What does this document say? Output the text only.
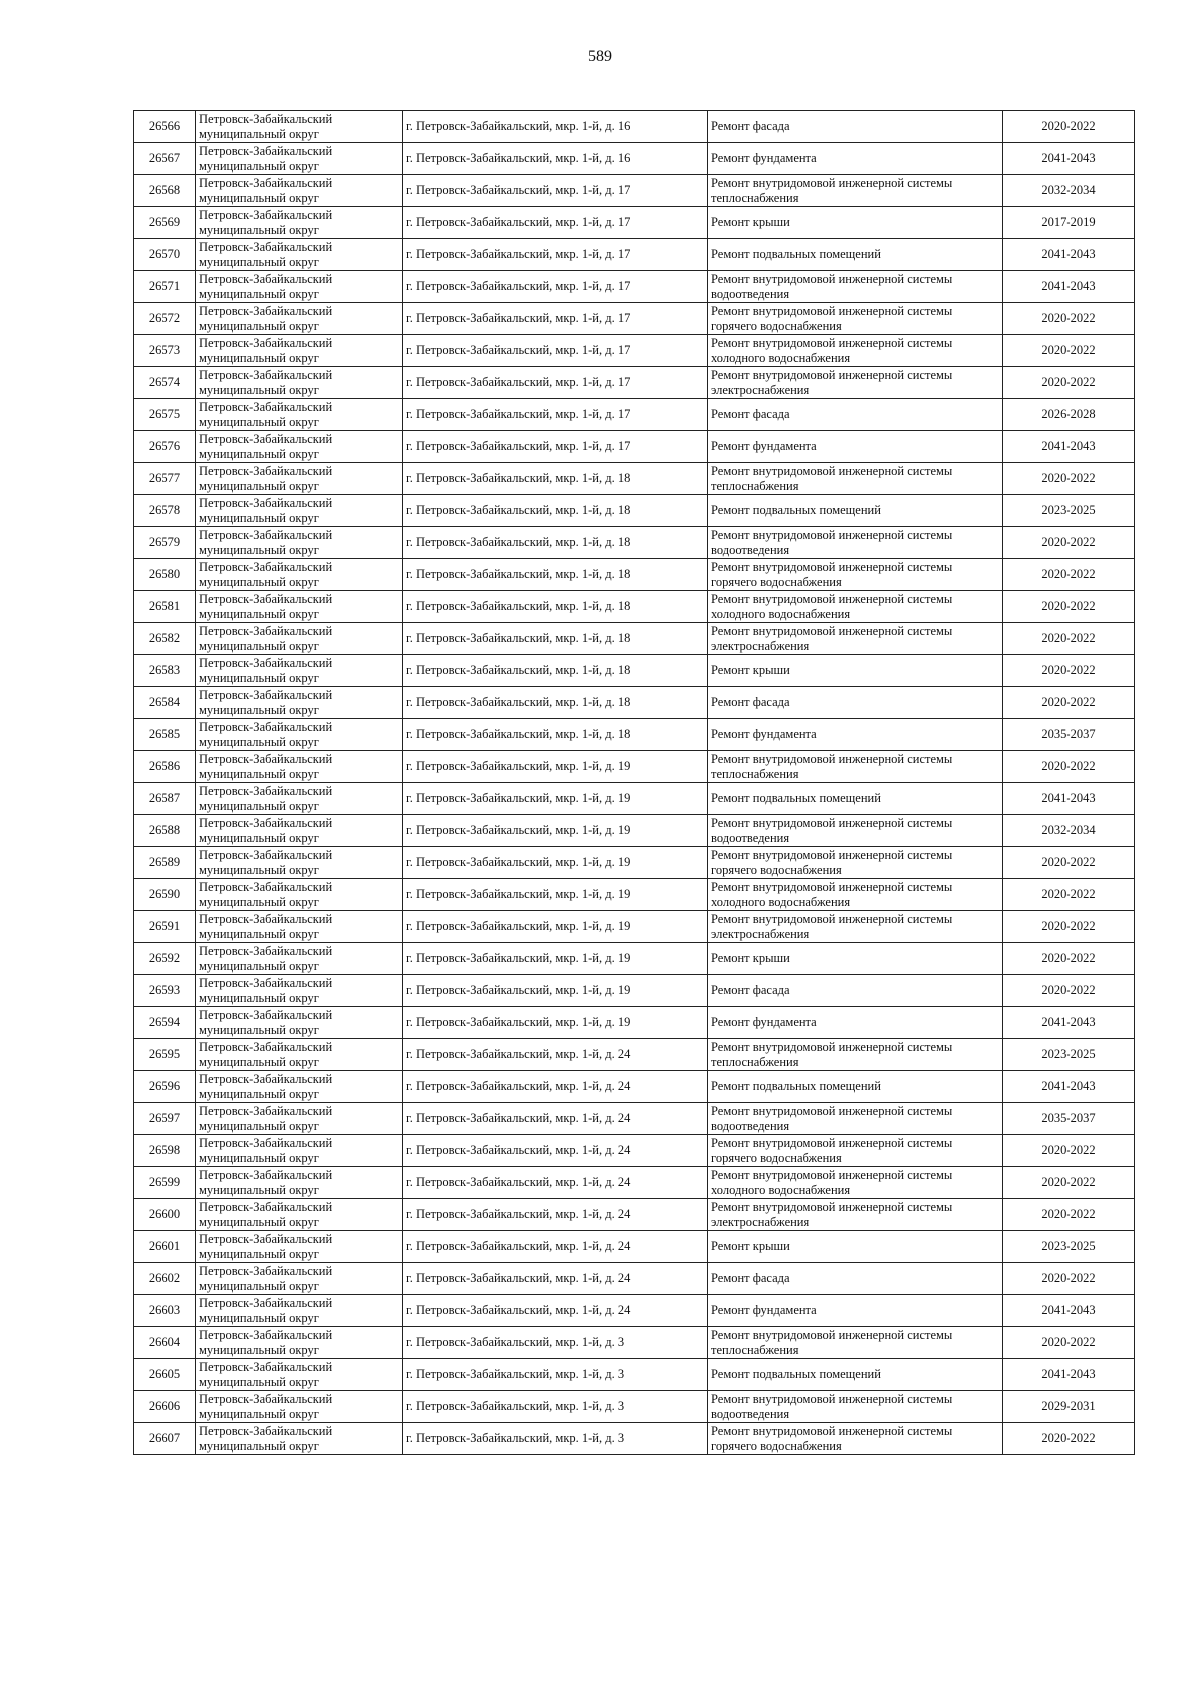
589
26566	Петровск-Забайкальский муниципальный округ	г. Петровск-Забайкальский, мкр. 1-й, д. 16	Ремонт фасада	2020-2022
26567	Петровск-Забайкальский муниципальный округ	г. Петровск-Забайкальский, мкр. 1-й, д. 16	Ремонт фундамента	2041-2043
26568	Петровск-Забайкальский муниципальный округ	г. Петровск-Забайкальский, мкр. 1-й, д. 17	Ремонт внутридомовой инженерной системы теплоснабжения	2032-2034
26569	Петровск-Забайкальский муниципальный округ	г. Петровск-Забайкальский, мкр. 1-й, д. 17	Ремонт крыши	2017-2019
26570	Петровск-Забайкальский муниципальный округ	г. Петровск-Забайкальский, мкр. 1-й, д. 17	Ремонт подвальных помещений	2041-2043
26571	Петровск-Забайкальский муниципальный округ	г. Петровск-Забайкальский, мкр. 1-й, д. 17	Ремонт внутридомовой инженерной системы водоотведения	2041-2043
26572	Петровск-Забайкальский муниципальный округ	г. Петровск-Забайкальский, мкр. 1-й, д. 17	Ремонт внутридомовой инженерной системы горячего водоснабжения	2020-2022
26573	Петровск-Забайкальский муниципальный округ	г. Петровск-Забайкальский, мкр. 1-й, д. 17	Ремонт внутридомовой инженерной системы холодного водоснабжения	2020-2022
26574	Петровск-Забайкальский муниципальный округ	г. Петровск-Забайкальский, мкр. 1-й, д. 17	Ремонт внутридомовой инженерной системы электроснабжения	2020-2022
26575	Петровск-Забайкальский муниципальный округ	г. Петровск-Забайкальский, мкр. 1-й, д. 17	Ремонт фасада	2026-2028
26576	Петровск-Забайкальский муниципальный округ	г. Петровск-Забайкальский, мкр. 1-й, д. 17	Ремонт фундамента	2041-2043
26577	Петровск-Забайкальский муниципальный округ	г. Петровск-Забайкальский, мкр. 1-й, д. 18	Ремонт внутридомовой инженерной системы теплоснабжения	2020-2022
26578	Петровск-Забайкальский муниципальный округ	г. Петровск-Забайкальский, мкр. 1-й, д. 18	Ремонт подвальных помещений	2023-2025
26579	Петровск-Забайкальский муниципальный округ	г. Петровск-Забайкальский, мкр. 1-й, д. 18	Ремонт внутридомовой инженерной системы водоотведения	2020-2022
26580	Петровск-Забайкальский муниципальный округ	г. Петровск-Забайкальский, мкр. 1-й, д. 18	Ремонт внутридомовой инженерной системы горячего водоснабжения	2020-2022
26581	Петровск-Забайкальский муниципальный округ	г. Петровск-Забайкальский, мкр. 1-й, д. 18	Ремонт внутридомовой инженерной системы холодного водоснабжения	2020-2022
26582	Петровск-Забайкальский муниципальный округ	г. Петровск-Забайкальский, мкр. 1-й, д. 18	Ремонт внутридомовой инженерной системы электроснабжения	2020-2022
26583	Петровск-Забайкальский муниципальный округ	г. Петровск-Забайкальский, мкр. 1-й, д. 18	Ремонт крыши	2020-2022
26584	Петровск-Забайкальский муниципальный округ	г. Петровск-Забайкальский, мкр. 1-й, д. 18	Ремонт фасада	2020-2022
26585	Петровск-Забайкальский муниципальный округ	г. Петровск-Забайкальский, мкр. 1-й, д. 18	Ремонт фундамента	2035-2037
26586	Петровск-Забайкальский муниципальный округ	г. Петровск-Забайкальский, мкр. 1-й, д. 19	Ремонт внутридомовой инженерной системы теплоснабжения	2020-2022
26587	Петровск-Забайкальский муниципальный округ	г. Петровск-Забайкальский, мкр. 1-й, д. 19	Ремонт подвальных помещений	2041-2043
26588	Петровск-Забайкальский муниципальный округ	г. Петровск-Забайкальский, мкр. 1-й, д. 19	Ремонт внутридомовой инженерной системы водоотведения	2032-2034
26589	Петровск-Забайкальский муниципальный округ	г. Петровск-Забайкальский, мкр. 1-й, д. 19	Ремонт внутридомовой инженерной системы горячего водоснабжения	2020-2022
26590	Петровск-Забайкальский муниципальный округ	г. Петровск-Забайкальский, мкр. 1-й, д. 19	Ремонт внутридомовой инженерной системы холодного водоснабжения	2020-2022
26591	Петровск-Забайкальский муниципальный округ	г. Петровск-Забайкальский, мкр. 1-й, д. 19	Ремонт внутридомовой инженерной системы электроснабжения	2020-2022
26592	Петровск-Забайкальский муниципальный округ	г. Петровск-Забайкальский, мкр. 1-й, д. 19	Ремонт крыши	2020-2022
26593	Петровск-Забайкальский муниципальный округ	г. Петровск-Забайкальский, мкр. 1-й, д. 19	Ремонт фасада	2020-2022
26594	Петровск-Забайкальский муниципальный округ	г. Петровск-Забайкальский, мкр. 1-й, д. 19	Ремонт фундамента	2041-2043
26595	Петровск-Забайкальский муниципальный округ	г. Петровск-Забайкальский, мкр. 1-й, д. 24	Ремонт внутридомовой инженерной системы теплоснабжения	2023-2025
26596	Петровск-Забайкальский муниципальный округ	г. Петровск-Забайкальский, мкр. 1-й, д. 24	Ремонт подвальных помещений	2041-2043
26597	Петровск-Забайкальский муниципальный округ	г. Петровск-Забайкальский, мкр. 1-й, д. 24	Ремонт внутридомовой инженерной системы водоотведения	2035-2037
26598	Петровск-Забайкальский муниципальный округ	г. Петровск-Забайкальский, мкр. 1-й, д. 24	Ремонт внутридомовой инженерной системы горячего водоснабжения	2020-2022
26599	Петровск-Забайкальский муниципальный округ	г. Петровск-Забайкальский, мкр. 1-й, д. 24	Ремонт внутридомовой инженерной системы холодного водоснабжения	2020-2022
26600	Петровск-Забайкальский муниципальный округ	г. Петровск-Забайкальский, мкр. 1-й, д. 24	Ремонт внутридомовой инженерной системы электроснабжения	2020-2022
26601	Петровск-Забайкальский муниципальный округ	г. Петровск-Забайкальский, мкр. 1-й, д. 24	Ремонт крыши	2023-2025
26602	Петровск-Забайкальский муниципальный округ	г. Петровск-Забайкальский, мкр. 1-й, д. 24	Ремонт фасада	2020-2022
26603	Петровск-Забайкальский муниципальный округ	г. Петровск-Забайкальский, мкр. 1-й, д. 24	Ремонт фундамента	2041-2043
26604	Петровск-Забайкальский муниципальный округ	г. Петровск-Забайкальский, мкр. 1-й, д. 3	Ремонт внутридомовой инженерной системы теплоснабжения	2020-2022
26605	Петровск-Забайкальский муниципальный округ	г. Петровск-Забайкальский, мкр. 1-й, д. 3	Ремонт подвальных помещений	2041-2043
26606	Петровск-Забайкальский муниципальный округ	г. Петровск-Забайкальский, мкр. 1-й, д. 3	Ремонт внутридомовой инженерной системы водоотведения	2029-2031
26607	Петровск-Забайкальский муниципальный округ	г. Петровск-Забайкальский, мкр. 1-й, д. 3	Ремонт внутридомовой инженерной системы горячего водоснабжения	2020-2022
